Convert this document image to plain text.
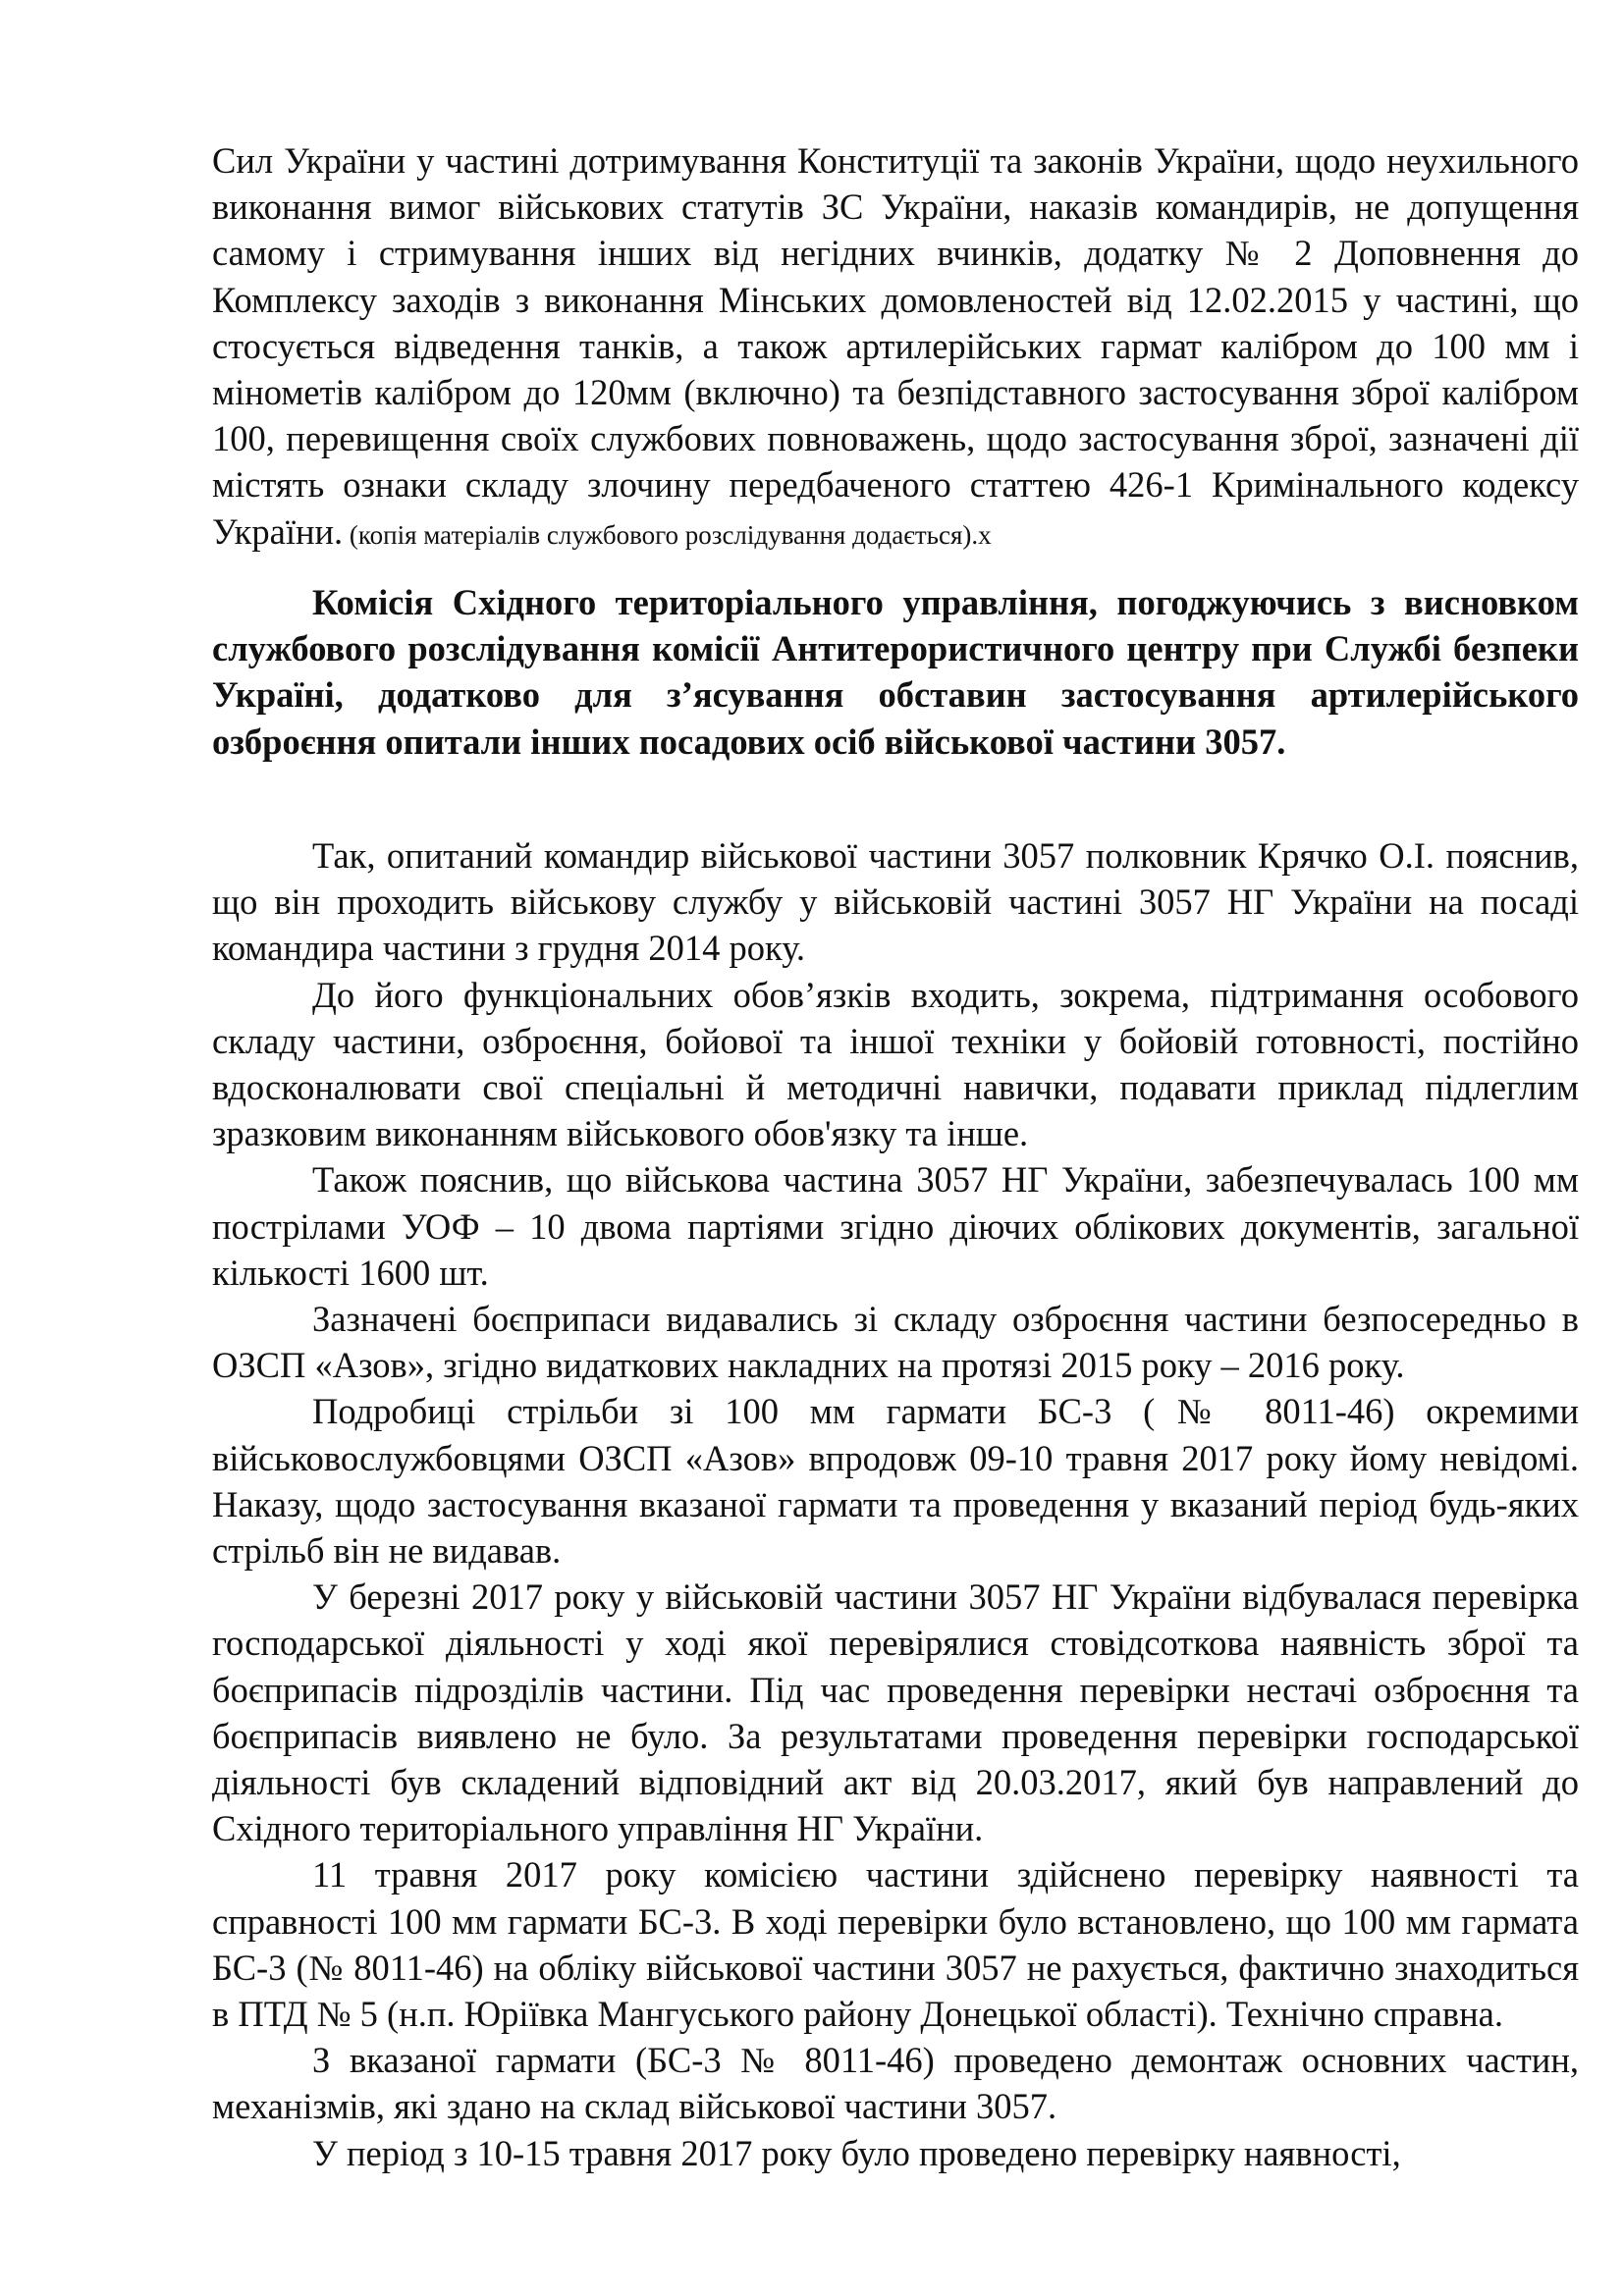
Сил України у частині дотримування Конституції та законів України, щодо неухильного виконання вимог військових статутів ЗС України, наказів командирів, не допущення самому і стримування інших від негідних вчинків, додатку № 2 Доповнення до Комплексу заходів з виконання Мінських домовленостей від 12.02.2015 у частині, що стосується відведення танків, а також артилерійських гармат калібром до 100 мм і мінометів калібром до 120мм (включно) та безпідставного застосування зброї калібром 100, перевищення своїх службових повноважень, щодо застосування зброї, зазначені дії містять ознаки складу злочину передбаченого статтею 426-1 Кримінального кодексу України. (копія матеріалів службового розслідування додається).х

Комісія Східного територіального управління, погоджуючись з висновком службового розслідування комісії Антитерористичного центру при Службі безпеки Україні, додатково для з’ясування обставин застосування артилерійського озброєння опитали інших посадових осіб військової частини 3057.

Так, опитаний командир військової частини 3057 полковник Крячко О.І. пояснив, що він проходить військову службу у військовій частині 3057 НГ України на посаді командира частини з грудня 2014 року.

До його функціональних обов’язків входить, зокрема, підтримання особового складу частини, озброєння, бойової та іншої техніки у бойовій готовності, постійно вдосконалювати свої спеціальні й методичні навички, подавати приклад підлеглим зразковим виконанням військового обов'язку та інше.

Також пояснив, що військова частина 3057 НГ України, забезпечувалась 100 мм пострілами УОФ – 10 двома партіями згідно діючих облікових документів, загальної кількості 1600 шт.

Зазначені боєприпаси видавались зі складу озброєння частини безпосередньо в ОЗСП «Азов», згідно видаткових накладних на протязі 2015 року – 2016 року.

Подробиці стрільби зі 100 мм гармати БС-3 (№ 8011-46) окремими військовослужбовцями ОЗСП «Азов» впродовж 09-10 травня 2017 року йому невідомі. Наказу, щодо застосування вказаної гармати та проведення у вказаний період будь-яких стрільб він не видавав.

У березні 2017 року у військовій частини 3057 НГ України відбувалася перевірка господарської діяльності у ході якої перевірялися стовідсоткова наявність зброї та боєприпасів підрозділів частини. Під час проведення перевірки нестачі озброєння та боєприпасів виявлено не було. За результатами проведення перевірки господарської діяльності був складений відповідний акт від 20.03.2017, який був направлений до Східного територіального управління НГ України.

11 травня 2017 року комісією частини здійснено перевірку наявності та справності 100 мм гармати БС-3. В ході перевірки було встановлено, що 100 мм гармата БС-3 (№ 8011-46) на обліку військової частини 3057 не рахується, фактично знаходиться в ПТД № 5 (н.п. Юріївка Мангуського району Донецької області). Технічно справна.

З вказаної гармати (БС-3 № 8011-46) проведено демонтаж основних частин, механізмів, які здано на склад військової частини 3057.

У період з 10-15 травня 2017 року було проведено перевірку наявності,
